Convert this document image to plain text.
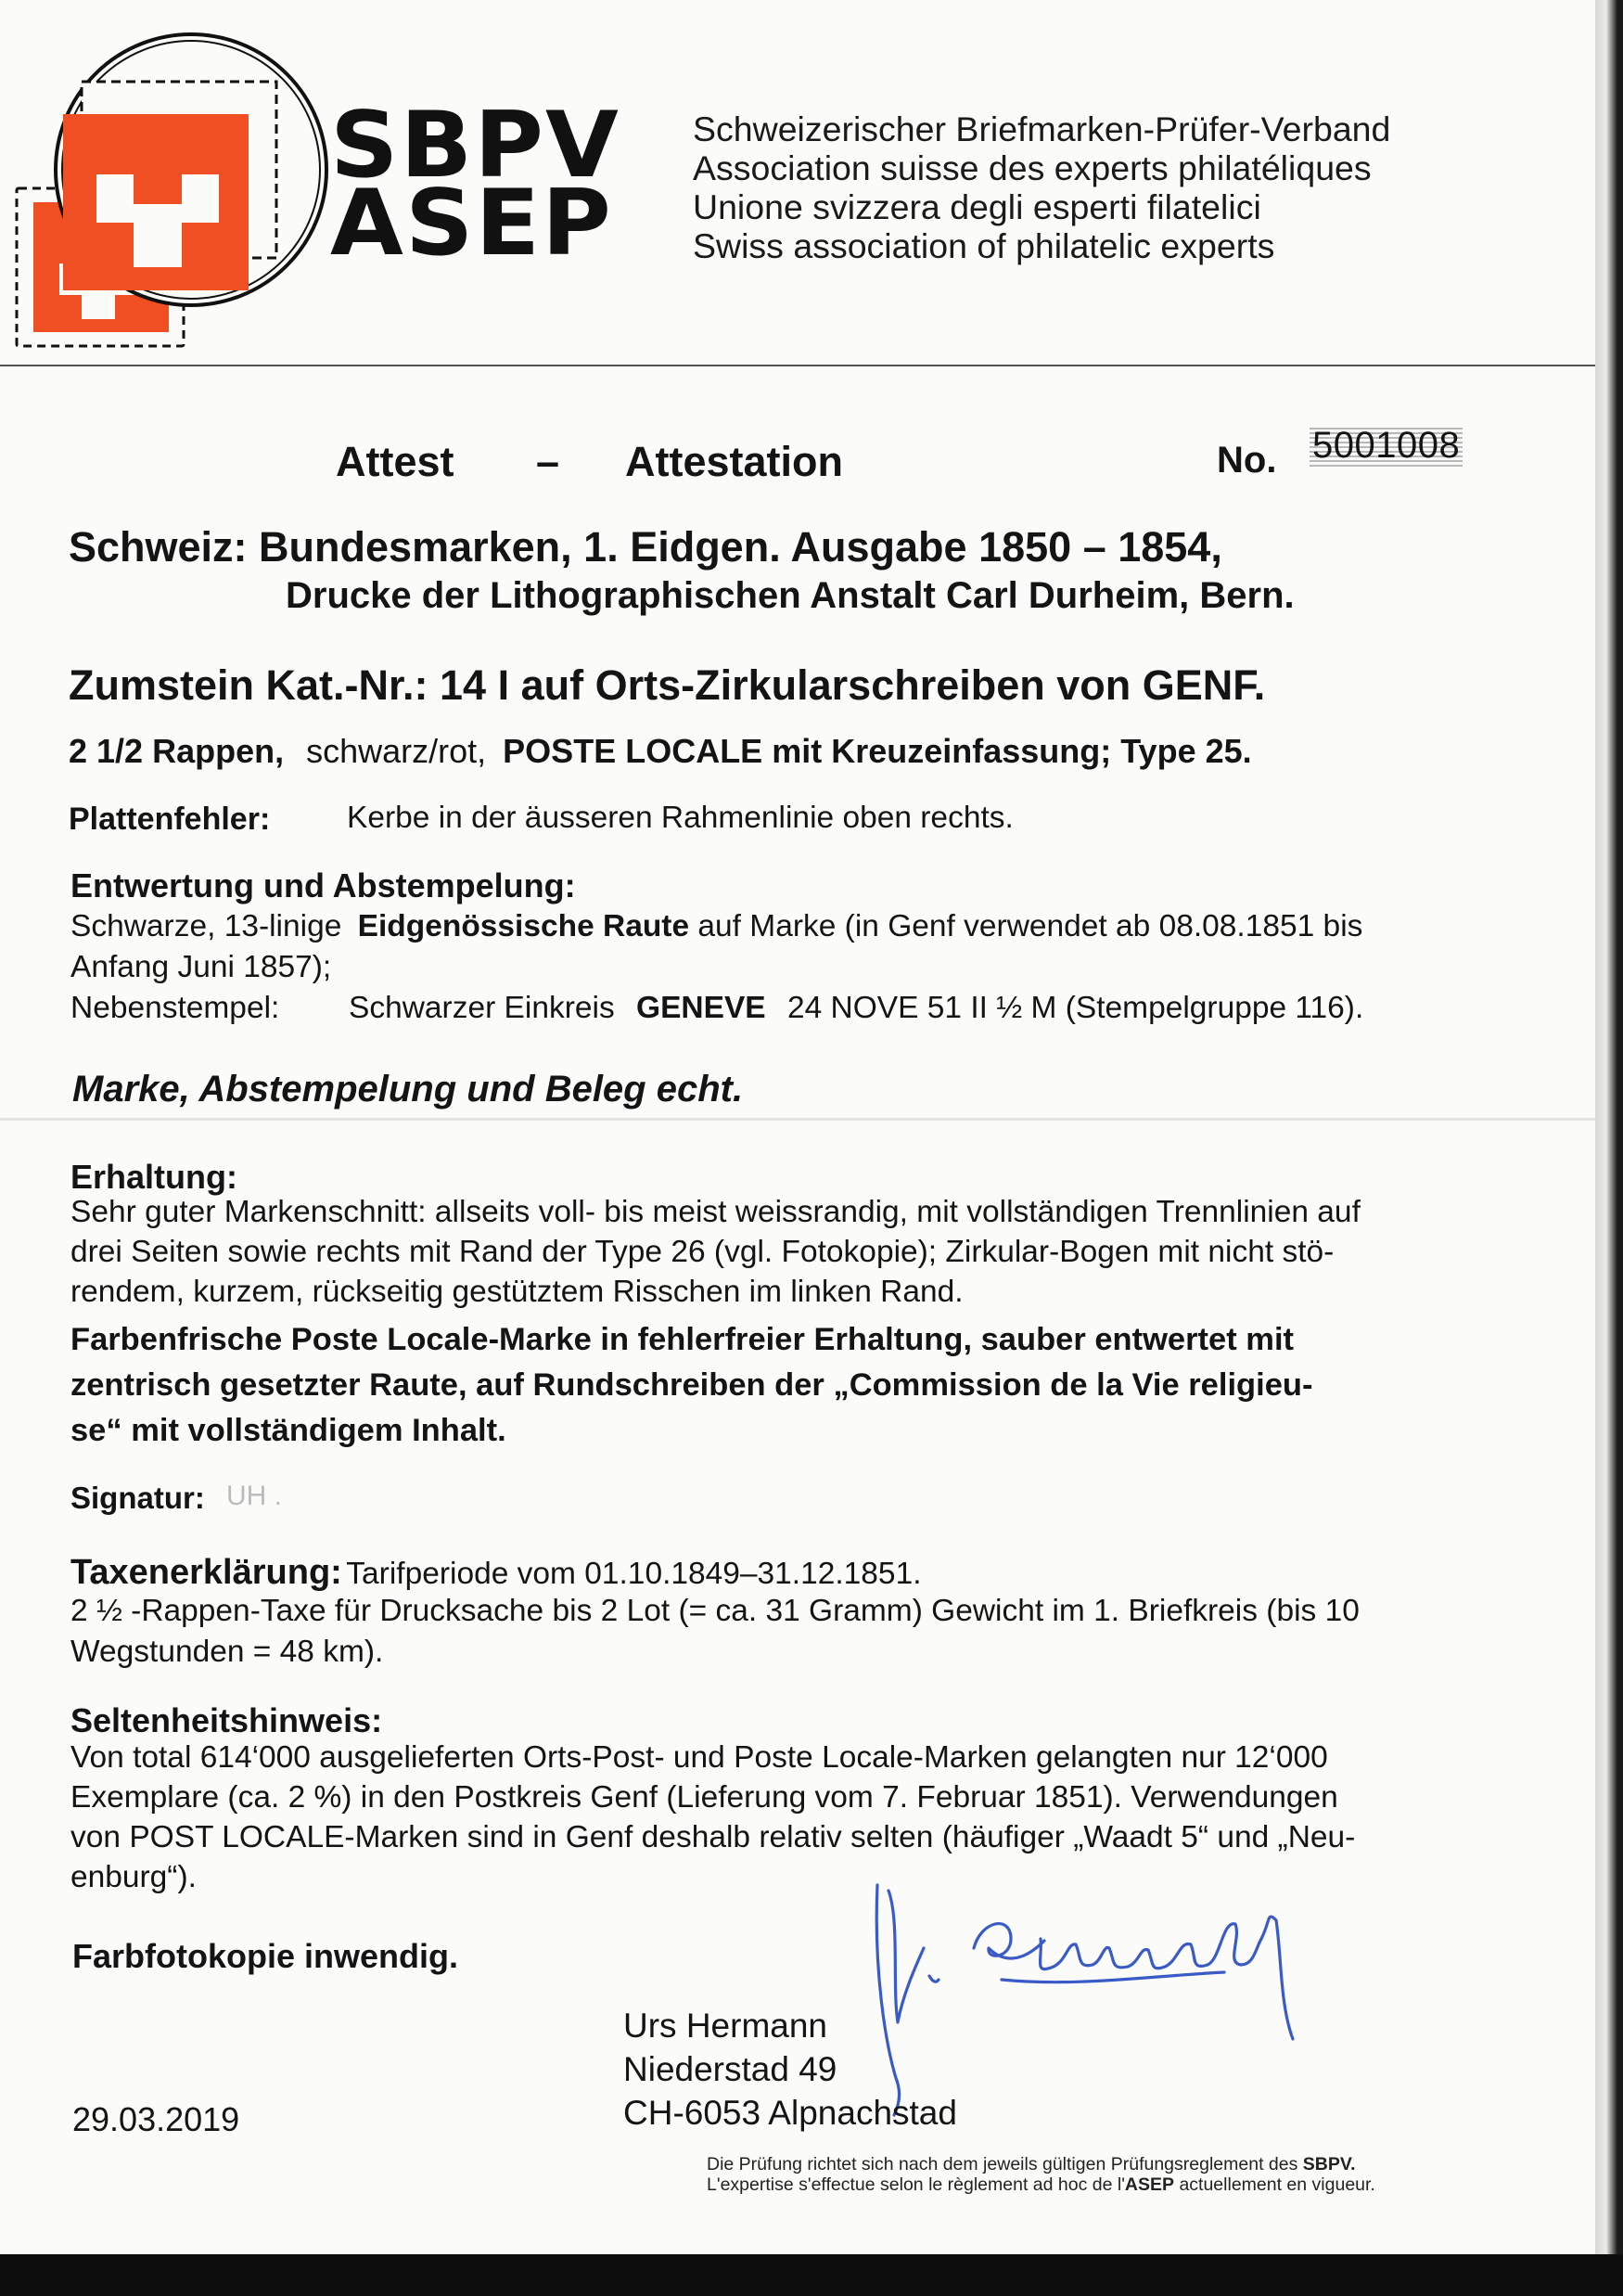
SBPV
ASEP
Schweizerischer Briefmarken-Prüfer-Verband
Association suisse des experts philatéliques
Unione svizzera degli esperti filatelici
Swiss association of philatelic experts
Attest – Attestation	No. 5001008
Schweiz: Bundesmarken, 1. Eidgen. Ausgabe 1850 – 1854,
Drucke der Lithographischen Anstalt Carl Durheim, Bern.
Zumstein Kat.-Nr.: 14 I auf Orts-Zirkularschreiben von GENF.
2 1/2 Rappen, schwarz/rot, POSTE LOCALE mit Kreuzeinfassung; Type 25.
Plattenfehler: Kerbe in der äusseren Rahmenlinie oben rechts.
Entwertung und Abstempelung:
Schwarze, 13-linige Eidgenössische Raute auf Marke (in Genf verwendet ab 08.08.1851 bis
Anfang Juni 1857);
Nebenstempel: Schwarzer Einkreis GENEVE 24 NOVE 51 II ½ M (Stempelgruppe 116).
Marke, Abstempelung und Beleg echt.
Erhaltung:
Sehr guter Markenschnitt: allseits voll- bis meist weissrandig, mit vollständigen Trennlinien auf
drei Seiten sowie rechts mit Rand der Type 26 (vgl. Fotokopie); Zirkular-Bogen mit nicht stö-
rendem, kurzem, rückseitig gestütztem Risschen im linken Rand.
Farbenfrische Poste Locale-Marke in fehlerfreier Erhaltung, sauber entwertet mit
zentrisch gesetzter Raute, auf Rundschreiben der „Commission de la Vie religieu-
se“ mit vollständigem Inhalt.
Signatur: UH .
Taxenerklärung: Tarifperiode vom 01.10.1849–31.12.1851.
2 ½ -Rappen-Taxe für Drucksache bis 2 Lot (= ca. 31 Gramm) Gewicht im 1. Briefkreis (bis 10
Wegstunden = 48 km).
Seltenheitshinweis:
Von total 614‘000 ausgelieferten Orts-Post- und Poste Locale-Marken gelangten nur 12‘000
Exemplare (ca. 2 %) in den Postkreis Genf (Lieferung vom 7. Februar 1851). Verwendungen
von POST LOCALE-Marken sind in Genf deshalb relativ selten (häufiger „Waadt 5“ und „Neu-
enburg“).
Farbfotokopie inwendig.
Urs Hermann
Niederstad 49
CH-6053 Alpnachstad
29.03.2019
Die Prüfung richtet sich nach dem jeweils gültigen Prüfungsreglement des SBPV.
L'expertise s'effectue selon le règlement ad hoc de l'ASEP actuellement en vigueur.
